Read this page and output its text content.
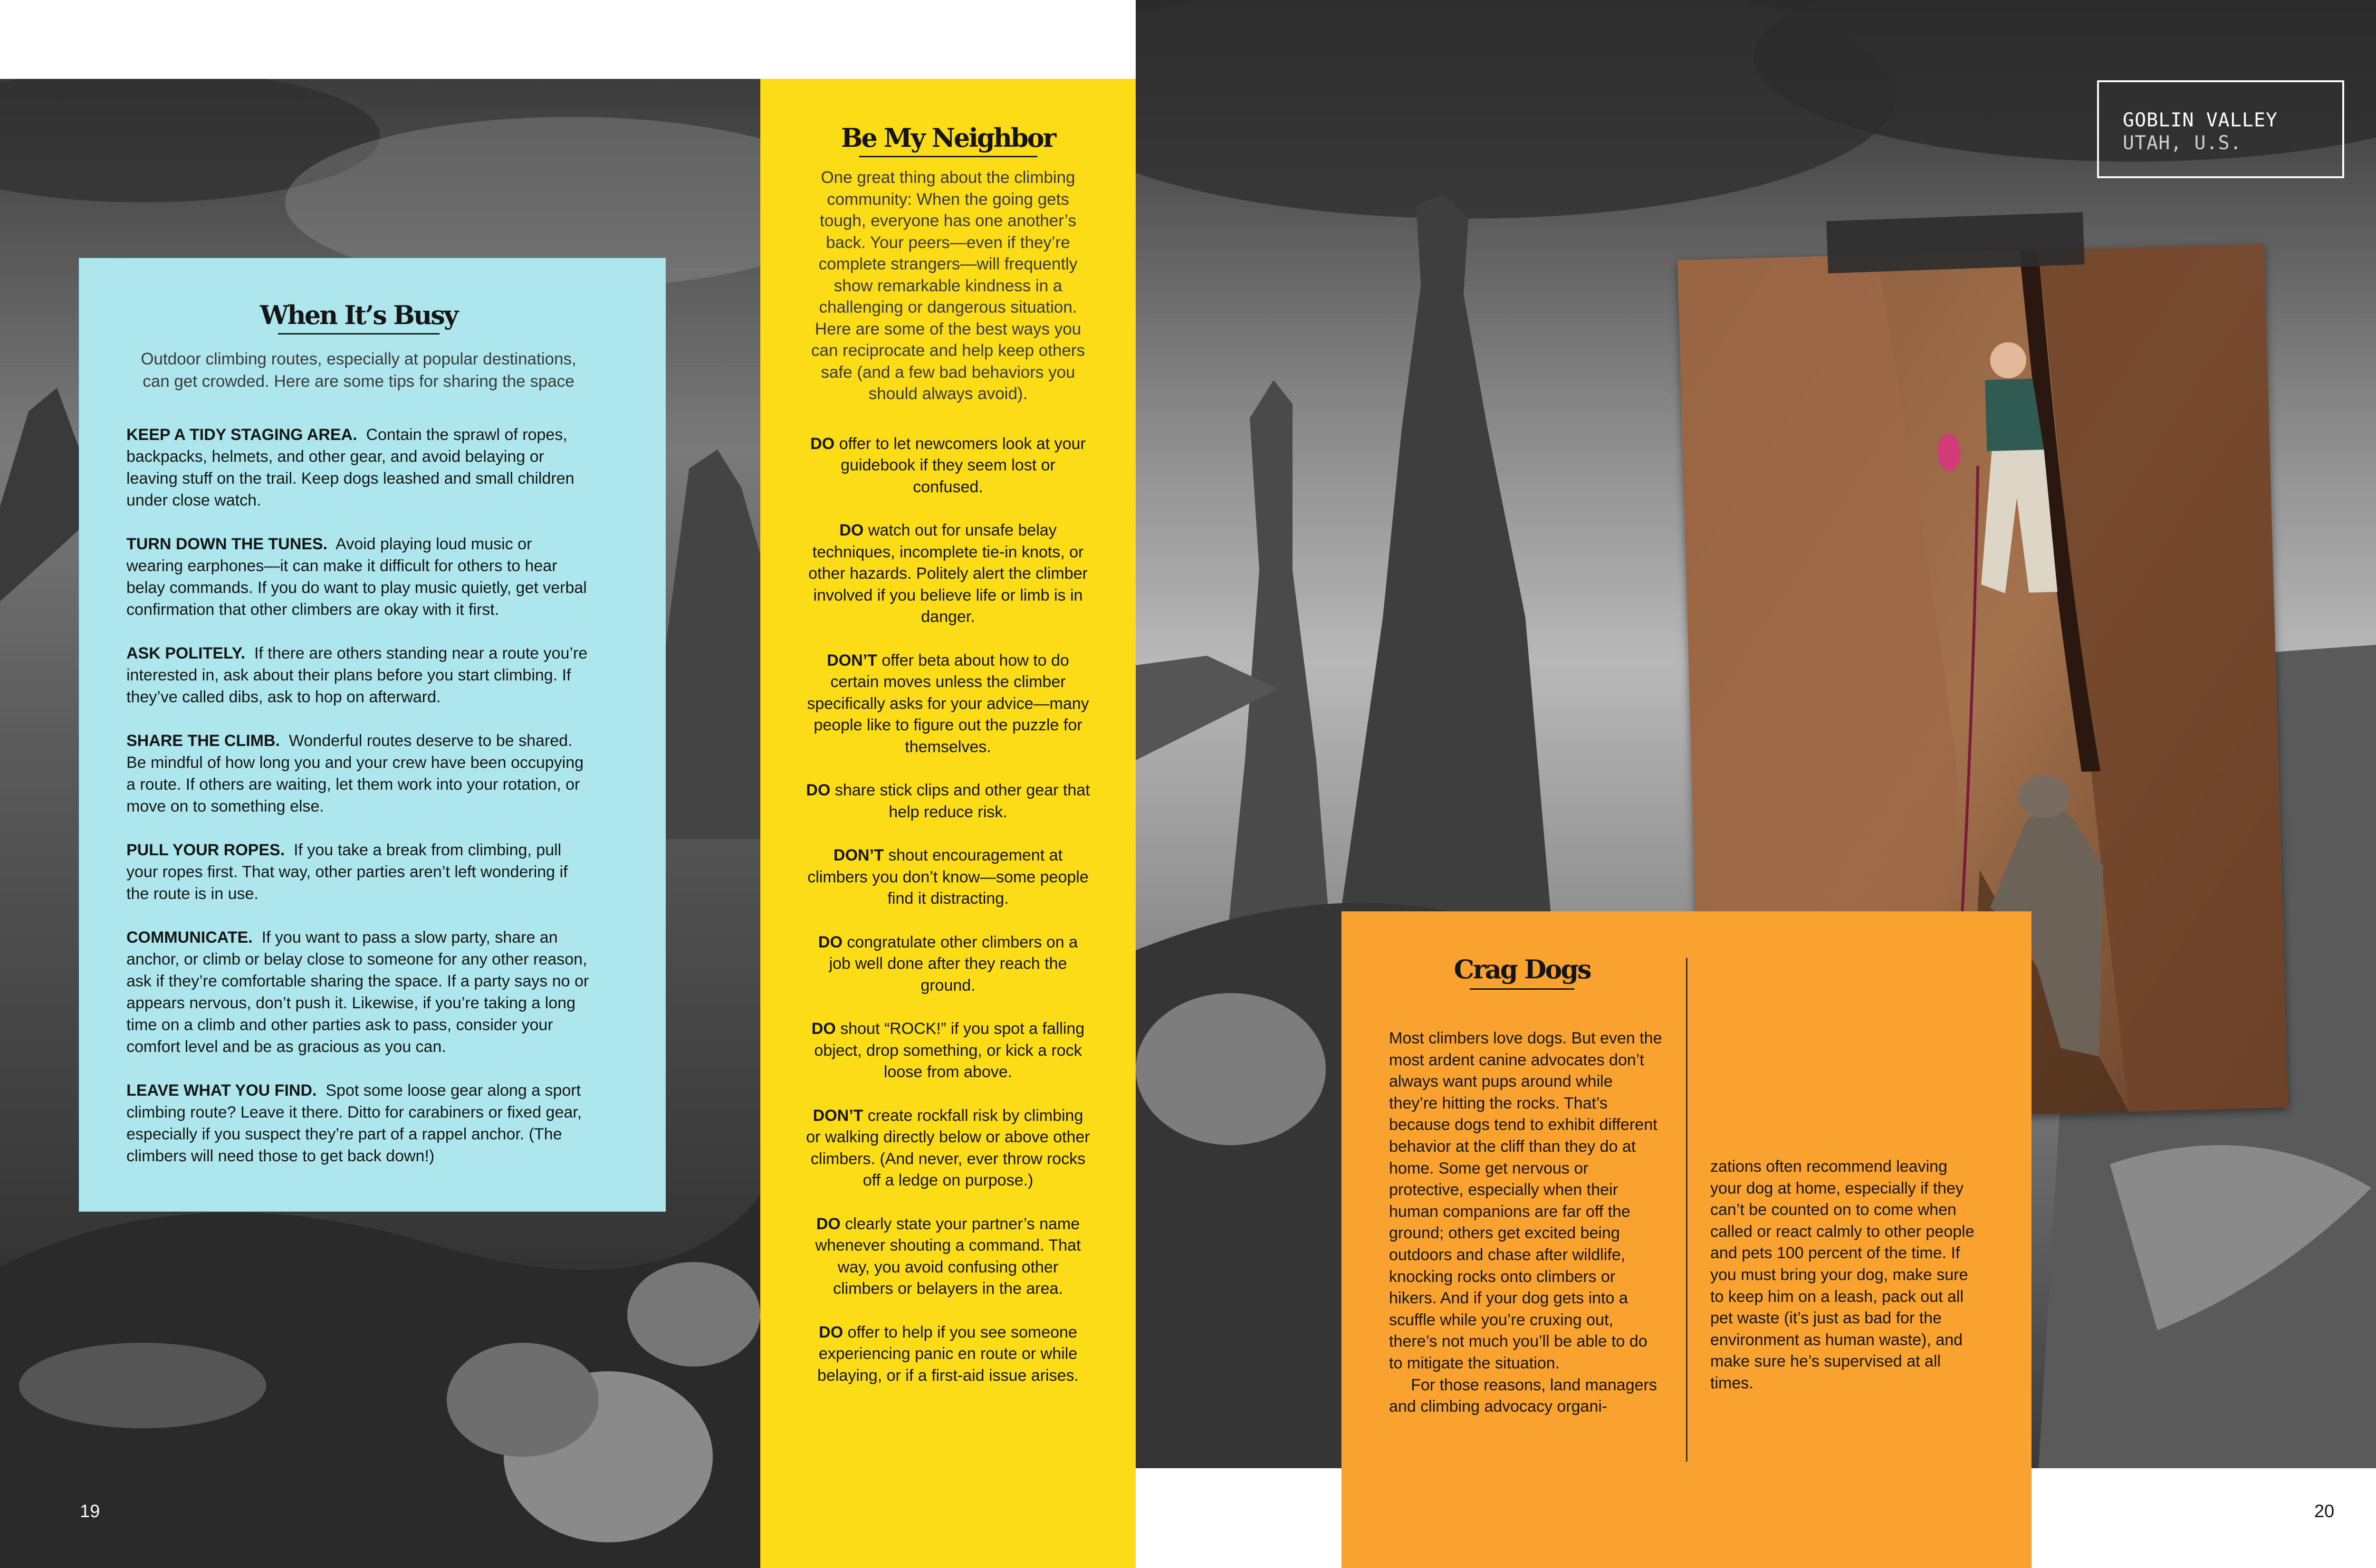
When It’s Busy

Outdoor climbing routes, especially at popular destinations, can get crowded. Here are some tips for sharing the space

KEEP A TIDY STAGING AREA. Contain the sprawl of ropes, backpacks, helmets, and other gear, and avoid belaying or leaving stuff on the trail. Keep dogs leashed and small children under close watch.

TURN DOWN THE TUNES. Avoid playing loud music or wearing earphones—it can make it difficult for others to hear belay commands. If you do want to play music quietly, get verbal confirmation that other climbers are okay with it first.

ASK POLITELY. If there are others standing near a route you’re interested in, ask about their plans before you start climbing. If they’ve called dibs, ask to hop on afterward.

SHARE THE CLIMB. Wonderful routes deserve to be shared. Be mindful of how long you and your crew have been occupying a route. If others are waiting, let them work into your rotation, or move on to something else.

PULL YOUR ROPES. If you take a break from climbing, pull your ropes first. That way, other parties aren’t left wondering if the route is in use.

COMMUNICATE. If you want to pass a slow party, share an anchor, or climb or belay close to someone for any other reason, ask if they’re comfortable sharing the space. If a party says no or appears nervous, don’t push it. Likewise, if you’re taking a long time on a climb and other parties ask to pass, consider your comfort level and be as gracious as you can.

LEAVE WHAT YOU FIND. Spot some loose gear along a sport climbing route? Leave it there. Ditto for carabiners or fixed gear, especially if you suspect they’re part of a rappel anchor. (The climbers will need those to get back down!)

Be My Neighbor

One great thing about the climbing community: When the going gets tough, everyone has one another’s back. Your peers—even if they’re complete strangers—will frequently show remarkable kindness in a challenging or dangerous situation. Here are some of the best ways you can reciprocate and help keep others safe (and a few bad behaviors you should always avoid).

DO offer to let newcomers look at your guidebook if they seem lost or confused.

DO watch out for unsafe belay techniques, incomplete tie-in knots, or other hazards. Politely alert the climber involved if you believe life or limb is in danger.

DON’T offer beta about how to do certain moves unless the climber specifically asks for your advice—many people like to figure out the puzzle for themselves.

DO share stick clips and other gear that help reduce risk.

DON’T shout encouragement at climbers you don’t know—some people find it distracting.

DO congratulate other climbers on a job well done after they reach the ground.

DO shout “ROCK!” if you spot a falling object, drop something, or kick a rock loose from above.

DON’T create rockfall risk by climbing or walking directly below or above other climbers. (And never, ever throw rocks off a ledge on purpose.)

DO clearly state your partner’s name whenever shouting a command. That way, you avoid confusing other climbers or belayers in the area.

DO offer to help if you see someone experiencing panic en route or while belaying, or if a first-aid issue arises.

Crag Dogs

Most climbers love dogs. But even the most ardent canine advocates don’t always want pups around while they’re hitting the rocks. That’s because dogs tend to exhibit different behavior at the cliff than they do at home. Some get nervous or protective, especially when their human companions are far off the ground; others get excited being outdoors and chase after wildlife, knocking rocks onto climbers or hikers. And if your dog gets into a scuffle while you’re cruxing out, there’s not much you’ll be able to do to mitigate the situation.
For those reasons, land managers and climbing advocacy organi-

zations often recommend leaving your dog at home, especially if they can’t be counted on to come when called or react calmly to other people and pets 100 percent of the time. If you must bring your dog, make sure to keep him on a leash, pack out all pet waste (it’s just as bad for the environment as human waste), and make sure he’s supervised at all times.

GOBLIN VALLEY
UTAH, U.S.
19	20
